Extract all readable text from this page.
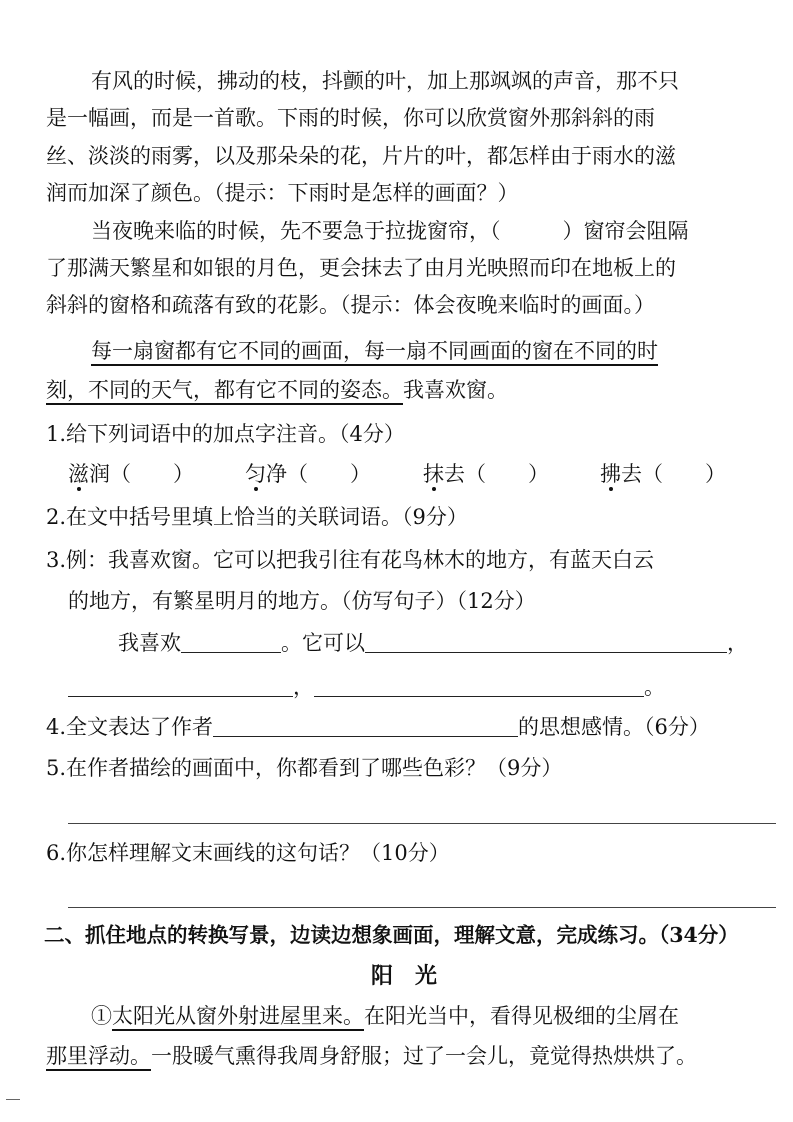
有风的时候，拂动的枝，抖颤的叶，加上那飒飒的声音，那不只
是一幅画，而是一首歌。下雨的时候，你可以欣赏窗外那斜斜的雨
丝、淡淡的雨雾，以及那朵朵的花，片片的叶，都怎样由于雨水的滋
润而加深了颜色。（提示：下雨时是怎样的画面？）
当夜晚来临的时候，先不要急于拉拢窗帘，（	）窗帘会阻隔
了那满天繁星和如银的月色，更会抹去了由月光映照而印在地板上的
斜斜的窗格和疏落有致的花影。（提示：体会夜晚来临时的画面。）
每一扇窗都有它不同的画面，每一扇不同画面的窗在不同的时
刻，不同的天气，都有它不同的姿态。我喜欢窗。
1.给下列词语中的加点字注音。（4分）
滋润（　　） 匀净（　　） 抹去（　　） 拂去（　　）
2.在文中括号里填上恰当的关联词语。（9分）
3.例：我喜欢窗。它可以把我引往有花鸟林木的地方，有蓝天白云
的地方，有繁星明月的地方。（仿写句子）（12分）
我喜欢	。它可以	，
，	。
4.全文表达了作者	的思想感情。（6分）
5.在作者描绘的画面中，你都看到了哪些色彩？（9分）
6.你怎样理解文末画线的这句话？（10分）
二、抓住地点的转换写景，边读边想象画面，理解文意，完成练习。（34分）
阳　光
①太阳光从窗外射进屋里来。在阳光当中，看得见极细的尘屑在
那里浮动。一股暖气熏得我周身舒服；过了一会儿，竟觉得热烘烘了。
